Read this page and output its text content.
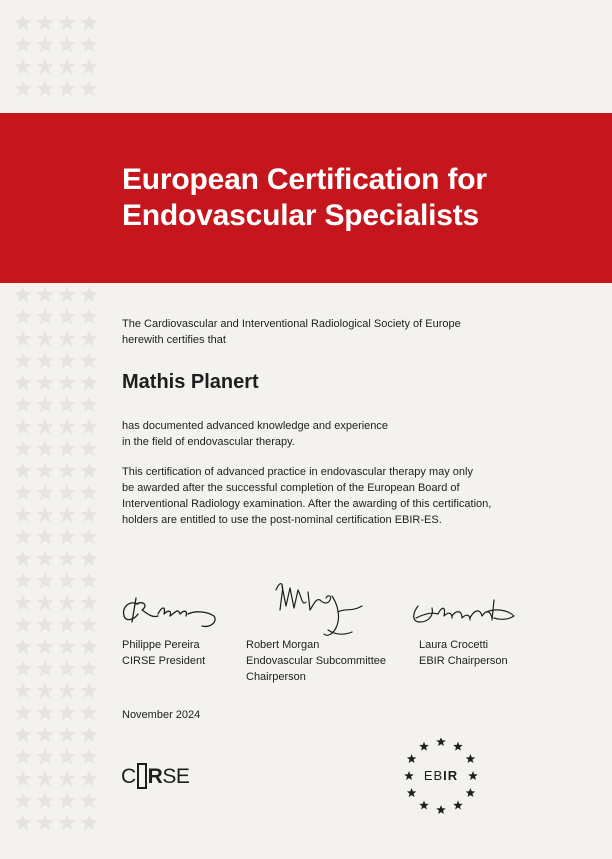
European Certification for
Endovascular Specialists

The Cardiovascular and Interventional Radiological Society of Europe
herewith certifies that

Mathis Planert

has documented advanced knowledge and experience
in the field of endovascular therapy.

This certification of advanced practice in endovascular therapy may only
be awarded after the successful completion of the European Board of
Interventional Radiology examination. After the awarding of this certification,
holders are entitled to use the post-nominal certification EBIR-ES.

Philippe Pereira
CIRSE President
Robert Morgan
Endovascular Subcommittee
Chairperson
Laura Crocetti
EBIR Chairperson
November 2024
C RSE	EBIR
